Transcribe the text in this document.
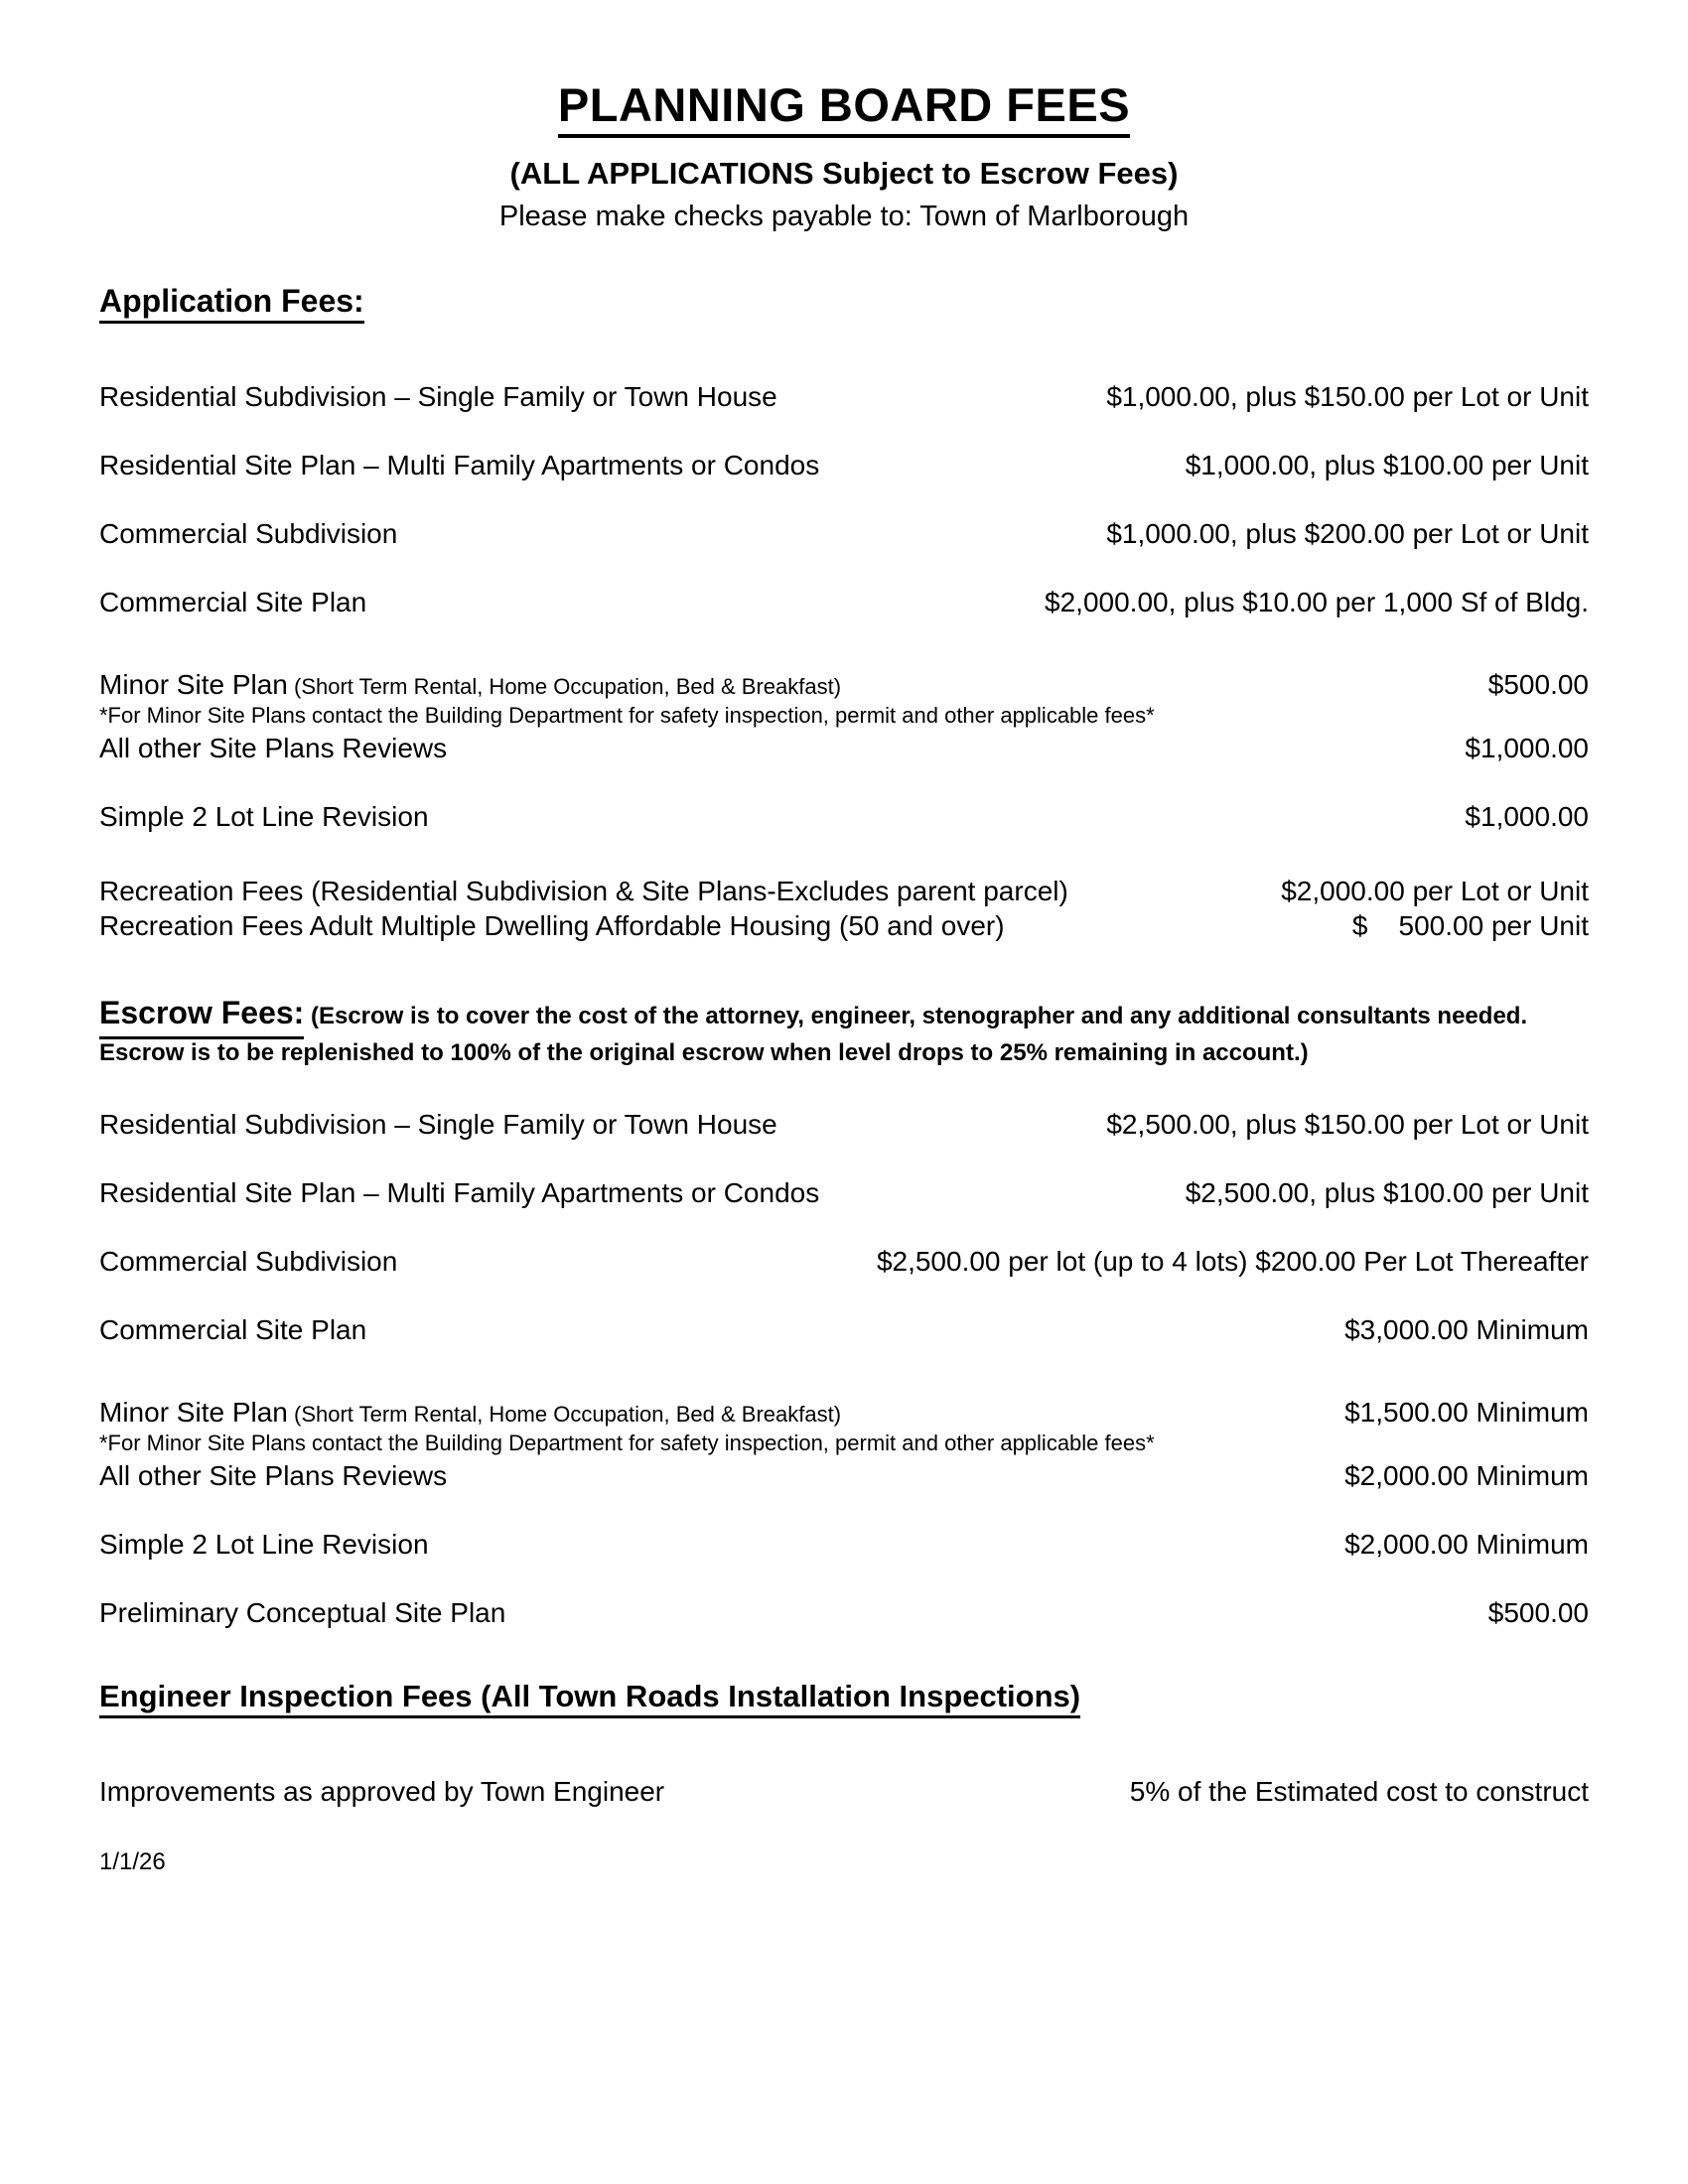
PLANNING BOARD FEES
(ALL APPLICATIONS Subject to Escrow Fees)
Please make checks payable to: Town of Marlborough
Application Fees:
Residential Subdivision – Single Family or Town House	$1,000.00, plus $150.00 per Lot or Unit
Residential Site Plan – Multi Family Apartments or Condos	$1,000.00, plus $100.00 per Unit
Commercial Subdivision	$1,000.00, plus $200.00 per Lot or Unit
Commercial Site Plan	$2,000.00, plus $10.00 per 1,000 Sf of Bldg.
Minor Site Plan (Short Term Rental, Home Occupation, Bed & Breakfast)	$500.00
*For Minor Site Plans contact the Building Department for safety inspection, permit and other applicable fees*
All other Site Plans Reviews	$1,000.00
Simple 2 Lot Line Revision	$1,000.00
Recreation Fees (Residential Subdivision & Site Plans-Excludes parent parcel)	$2,000.00 per Lot or Unit
Recreation Fees Adult Multiple Dwelling Affordable Housing (50 and over)	$    500.00 per Unit
Escrow Fees: (Escrow is to cover the cost of the attorney, engineer, stenographer and any additional consultants needed.
Escrow is to be replenished to 100% of the original escrow when level drops to 25% remaining in account.)
Residential Subdivision – Single Family or Town House	$2,500.00, plus $150.00 per Lot or Unit
Residential Site Plan – Multi Family Apartments or Condos	$2,500.00, plus $100.00 per Unit
Commercial Subdivision	$2,500.00 per lot (up to 4 lots) $200.00 Per Lot Thereafter
Commercial Site Plan	$3,000.00 Minimum
Minor Site Plan (Short Term Rental, Home Occupation, Bed & Breakfast)	$1,500.00 Minimum
*For Minor Site Plans contact the Building Department for safety inspection, permit and other applicable fees*
All other Site Plans Reviews	$2,000.00 Minimum
Simple 2 Lot Line Revision	$2,000.00 Minimum
Preliminary Conceptual Site Plan	$500.00
Engineer Inspection Fees (All Town Roads Installation Inspections)
Improvements as approved by Town Engineer	5% of the Estimated cost to construct
1/1/26
